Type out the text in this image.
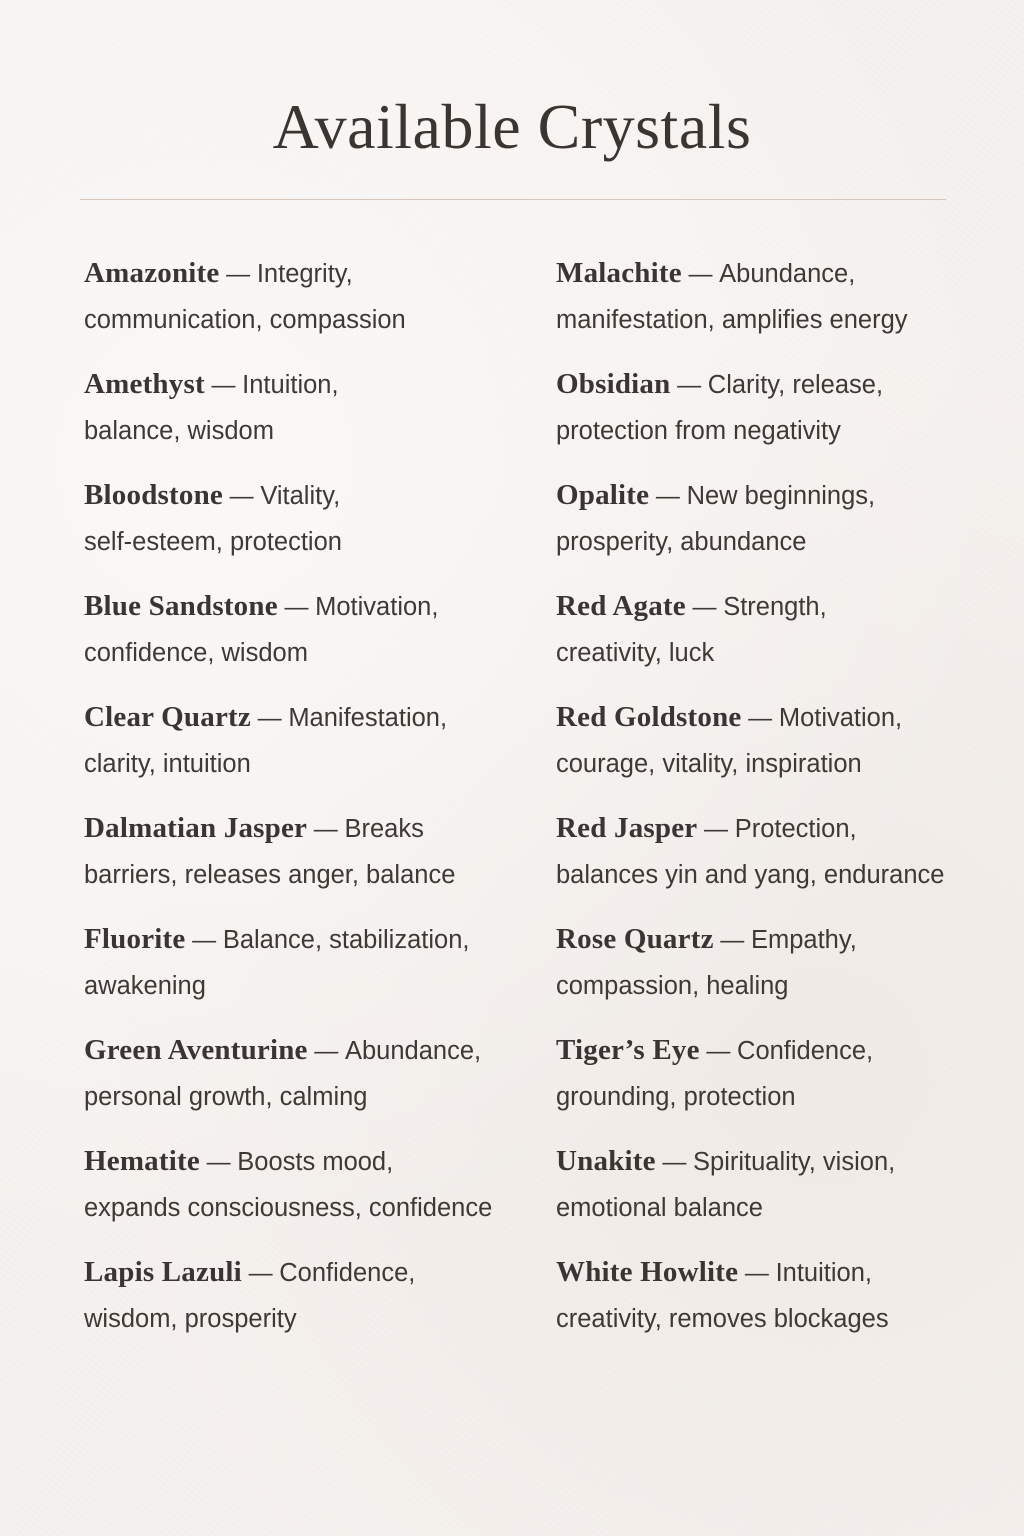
Available Crystals
Amazonite — Integrity,
communication, compassion
Amethyst — Intuition,
balance, wisdom
Bloodstone — Vitality,
self-esteem, protection
Blue Sandstone — Motivation,
confidence, wisdom
Clear Quartz — Manifestation,
clarity, intuition
Dalmatian Jasper — Breaks
barriers, releases anger, balance
Fluorite — Balance, stabilization,
awakening
Green Aventurine — Abundance,
personal growth, calming
Hematite — Boosts mood,
expands consciousness, confidence
Lapis Lazuli — Confidence,
wisdom, prosperity
Malachite — Abundance,
manifestation, amplifies energy
Obsidian — Clarity, release,
protection from negativity
Opalite — New beginnings,
prosperity, abundance
Red Agate — Strength,
creativity, luck
Red Goldstone — Motivation,
courage, vitality, inspiration
Red Jasper — Protection,
balances yin and yang, endurance
Rose Quartz — Empathy,
compassion, healing
Tiger’s Eye — Confidence,
grounding, protection
Unakite — Spirituality, vision,
emotional balance
White Howlite — Intuition,
creativity, removes blockages
